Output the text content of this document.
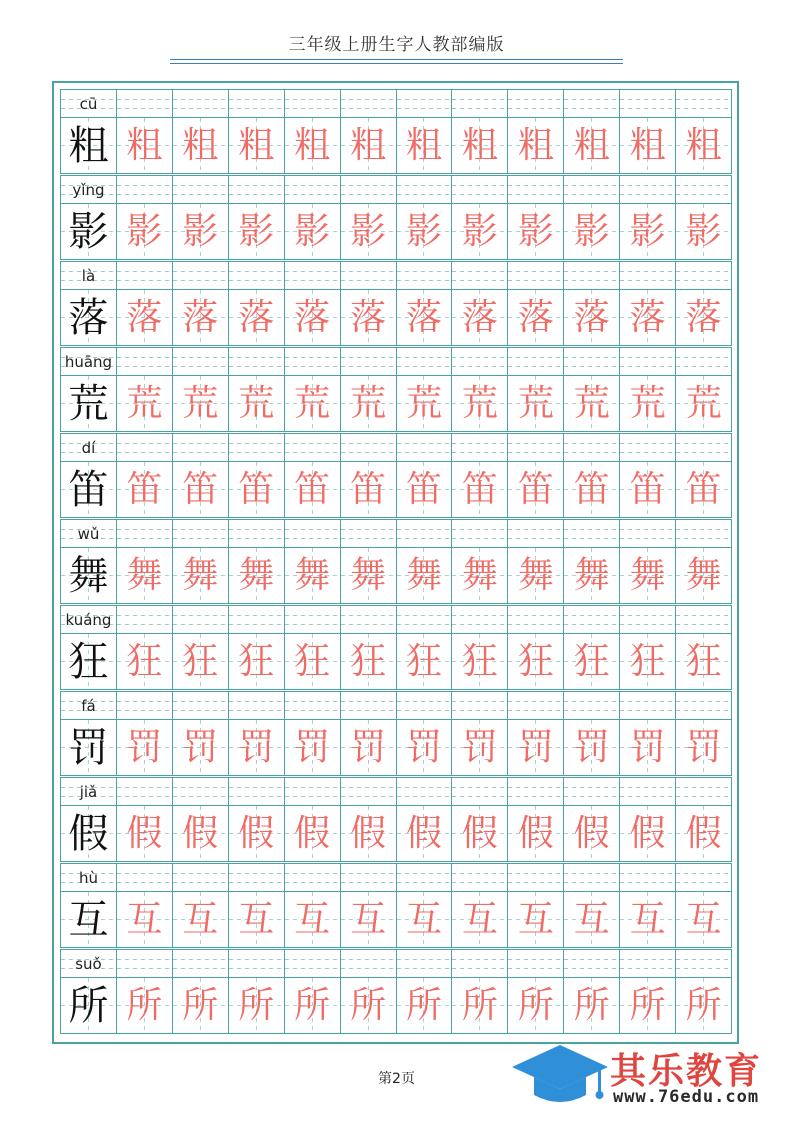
三年级上册生字人教部编版
cū
粗 粗 粗 粗 粗 粗 粗 粗 粗 粗 粗 粗
yǐng
影 影 影 影 影 影 影 影 影 影 影 影
là
落 落 落 落 落 落 落 落 落 落 落 落
huāng
荒 荒 荒 荒 荒 荒 荒 荒 荒 荒 荒 荒
dí
笛 笛 笛 笛 笛 笛 笛 笛 笛 笛 笛 笛
wǔ
舞 舞 舞 舞 舞 舞 舞 舞 舞 舞 舞 舞
kuáng
狂 狂 狂 狂 狂 狂 狂 狂 狂 狂 狂 狂
fá
罚 罚 罚 罚 罚 罚 罚 罚 罚 罚 罚 罚
jiǎ
假 假 假 假 假 假 假 假 假 假 假 假
hù
互 互 互 互 互 互 互 互 互 互 互 互
suǒ
所 所 所 所 所 所 所 所 所 所 所 所
第2页	其乐教育
www.76edu.com
